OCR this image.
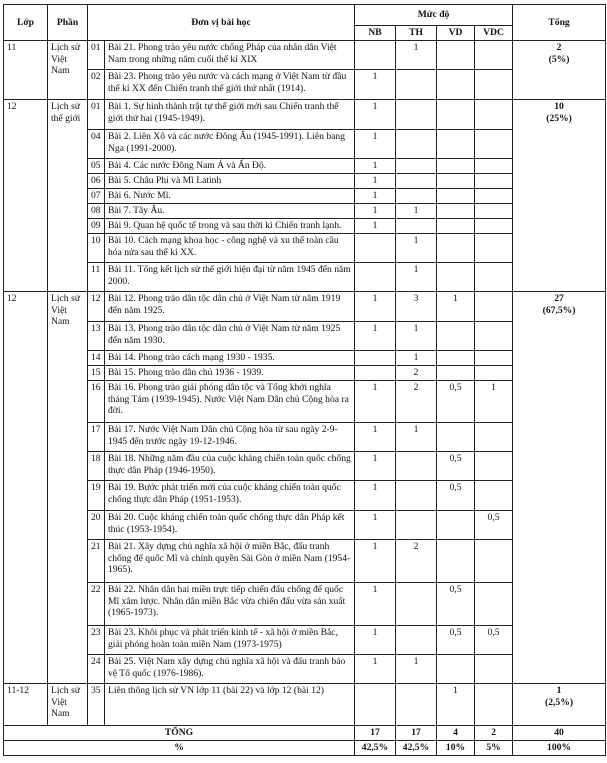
Lớp	Phần	Đơn vị bài học		Mức độ				Tổng
				NB	TH	VD	VDC	
11	Lịch sử Việt Nam	01	Bài 21. Phong trào yêu nước chống Pháp của nhân dân Việt Nam trong những năm cuối thế kỉ XIX		1			2
(5%)

		02	Bài 23. Phong trào yêu nước và cách mạng ở Việt Nam từ đầu thế kỉ XX đến Chiến tranh thế giới thứ nhất (1914).	1				
12	Lịch sử thế giới	01	Bài 1. Sự hình thành trật tự thế giới mới sau Chiến tranh thế giới thứ hai (1945-1949).	1				10
(25%)

		04	Bài 2. Liên Xô và các nước Đông Âu (1945-1991). Liên bang Nga (1991-2000).	1				
		05	Bài 4. Các nước Đông Nam Á và Ấn Độ.	1				
		06	Bài 5. Châu Phi và Mĩ Latinh	1				
		07	Bài 6. Nước Mĩ.	1				
		08	Bài 7. Tây Âu.	1	1			
		09	Bài 9. Quan hệ quốc tế trong và sau thời kì Chiến tranh lạnh.	1				
		10	Bài 10. Cách mạng khoa học - công nghệ và xu thế toàn cầu hóa nửa sau thế kỉ XX.		1			
		11	Bài 11. Tổng kết lịch sử thế giới hiện đại từ năm 1945 đến năm 2000.		1			
12	Lịch sử Việt Nam	12	Bài 12. Phong trào dân tộc dân chủ ở Việt Nam từ năm 1919 đến năm 1925.	1	3	1		27
(67,5%)

		13	Bài 13. Phong trào dân tộc dân chủ ở Việt Nam từ năm 1925 đến năm 1930.	1	1			
		14	Bài 14. Phong trào cách mạng 1930 - 1935.		1			
		15	Bài 15. Phong trào dân chủ 1936 - 1939.		2			
		16	Bài 16. Phong trào giải phóng dân tộc và Tổng khởi nghĩa tháng Tám (1939-1945). Nước Việt Nam Dân chủ Cộng hòa ra đời.	1	2	0,5	1	
		17	Bài 17. Nước Việt Nam Dân chủ Cộng hòa từ sau ngày 2-9-1945 đến trước ngày 19-12-1946.	1	1			
		18	Bài 18. Những năm đầu của cuộc kháng chiến toàn quốc chống thực dân Pháp (1946-1950).	1		0,5		
		19	Bài 19. Bước phát triển mới của cuộc kháng chiến toàn quốc chống thực dân Pháp (1951-1953).	1		0,5		
		20	Bài 20. Cuộc kháng chiến toàn quốc chống thực dân Pháp kết thúc (1953-1954).	1			0,5	
		21	Bài 21. Xây dựng chủ nghĩa xã hội ở miền Bắc, đấu tranh chống đế quốc Mĩ và chính quyền Sài Gòn ở miền Nam (1954-1965).	1	2			
		22	Bài 22. Nhân dân hai miền trực tiếp chiến đấu chống đế quốc Mĩ xâm lược. Nhân dân miền Bắc vừa chiến đấu vừa sản xuất (1965-1973).	1		0,5		
		23	Bài 23. Khôi phục và phát triển kinh tế - xã hội ở miền Bắc, giải phóng hoàn toàn miền Nam (1973-1975)	1		0,5	0,5	
		24	Bài 25. Việt Nam xây dựng chủ nghĩa xã hội và đấu tranh bảo vệ Tổ quốc (1976-1986).	1	1			
11-12	Lịch sử Việt Nam	35	Liên thông lịch sử VN lớp 11 (bài 22) và lớp 12 (bài 12)			1		1
(2,5%)

TỔNG				17	17	4	2	40
%				42,5%	42,5%	10%	5%	100%
